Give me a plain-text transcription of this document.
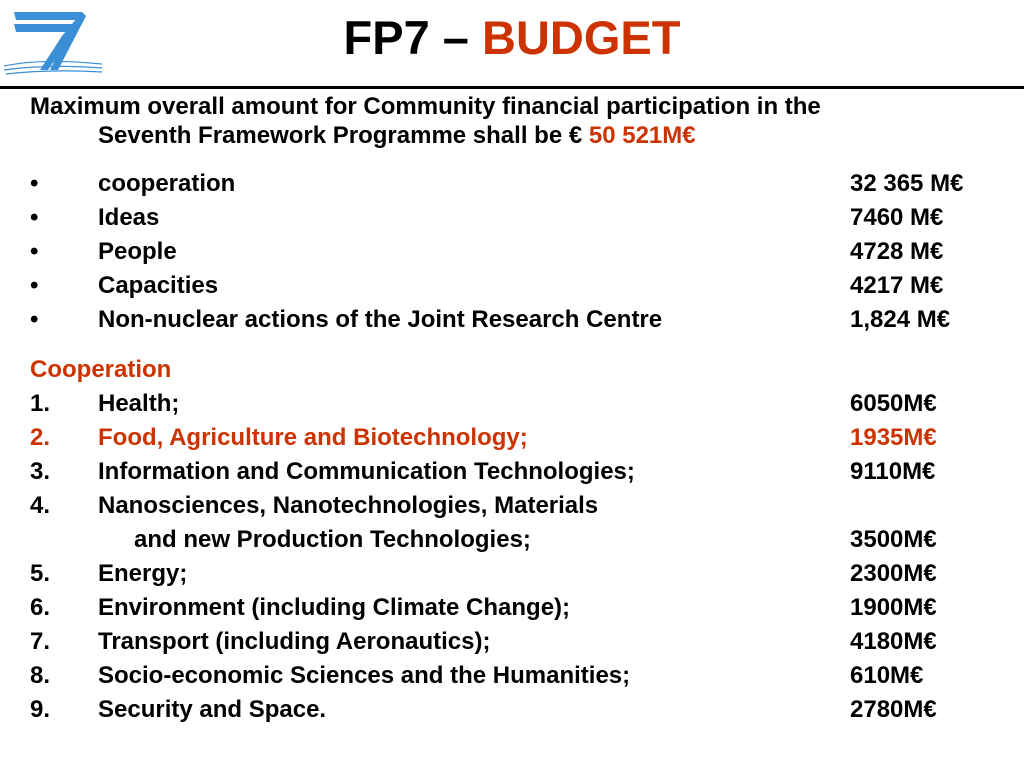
FP7 – BUDGET

Maximum overall amount for Community financial participation in the
Seventh Framework Programme shall be € 50 521M€

• cooperation	32 365 M€
• Ideas	7460 M€
• People	4728 M€
• Capacities	4217 M€
• Non-nuclear actions of the Joint Research Centre	1,824 M€
Cooperation
1. Health;	6050M€
2. Food, Agriculture and Biotechnology;	1935M€
3. Information and Communication Technologies;	9110M€
4. Nanosciences, Nanotechnologies, Materials
and new Production Technologies;	3500M€
5. Energy;	2300M€
6. Environment (including Climate Change);	1900M€
7. Transport (including Aeronautics);	4180M€
8. Socio-economic Sciences and the Humanities;	610M€
9. Security and Space.	2780M€
